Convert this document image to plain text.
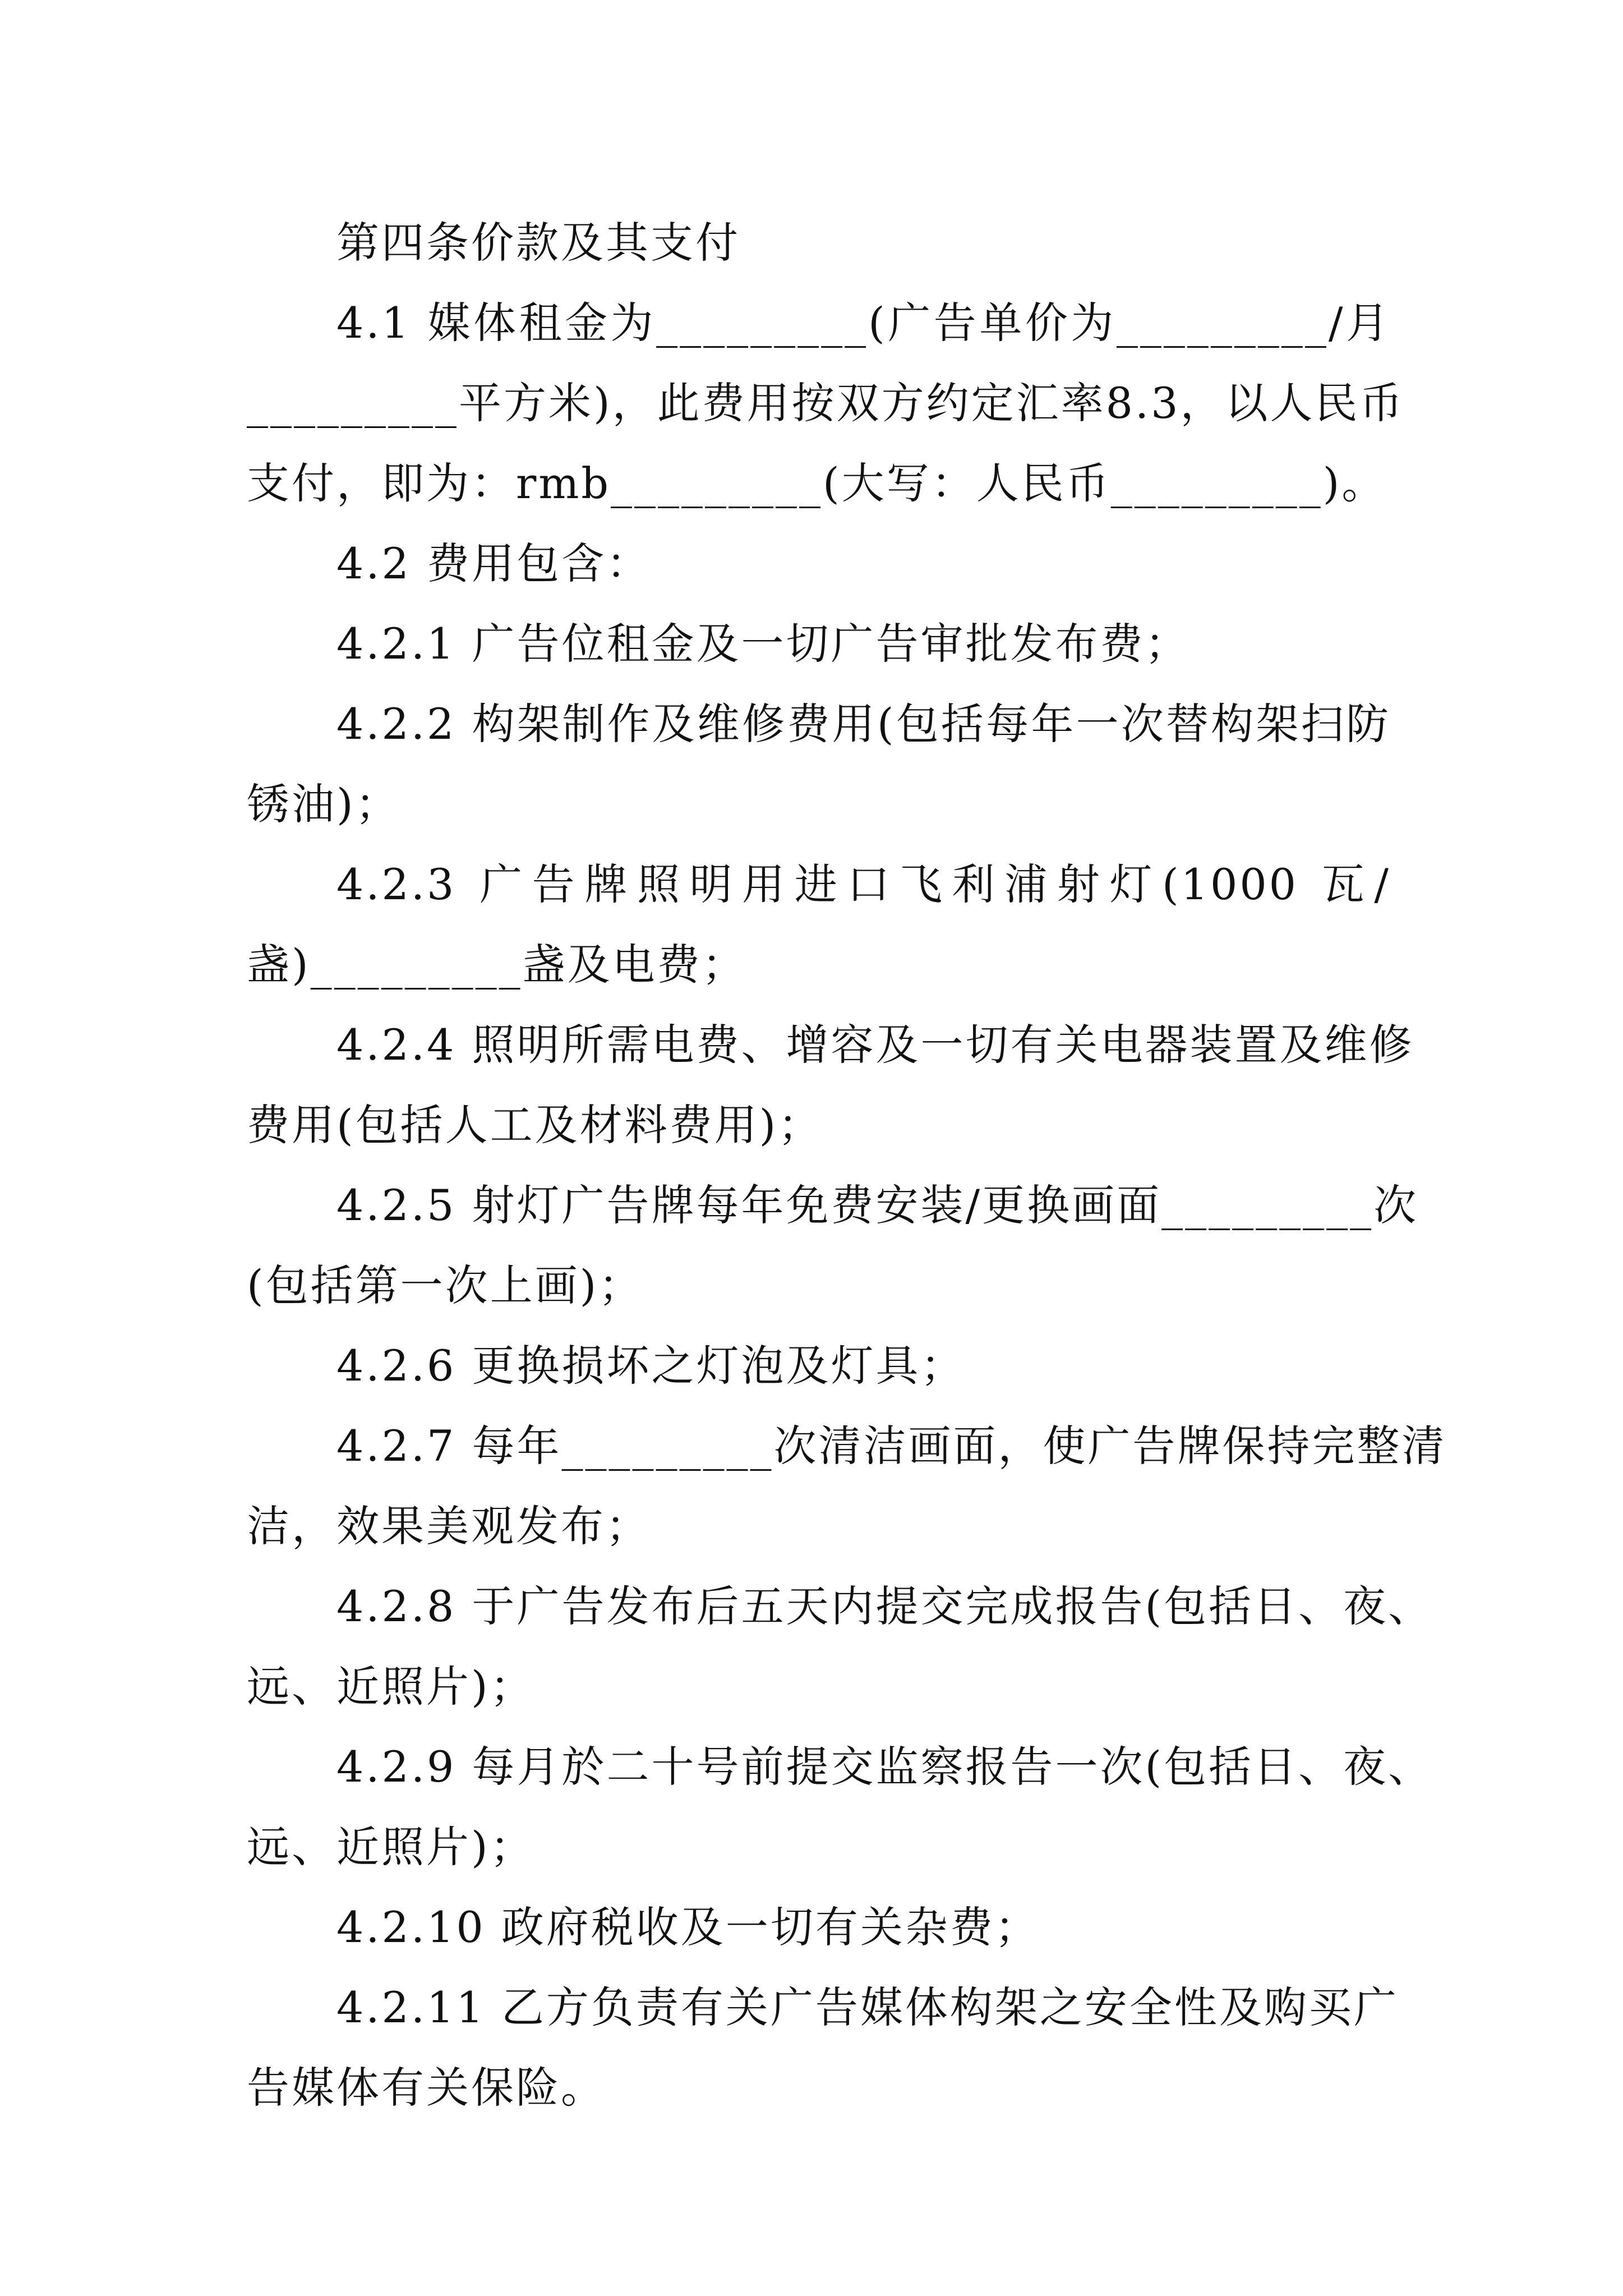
第四条价款及其支付
4.1 媒体租金为_________(广告单价为_________/月
_________平方米)，此费用按双方约定汇率8.3，以人民币
支付，即为：rmb_________(大写：人民币_________)。
4.2 费用包含：
4.2.1 广告位租金及一切广告审批发布费；
4.2.2 构架制作及维修费用(包括每年一次替构架扫防
锈油)；
4.2.3 广告牌照明用进口飞利浦射灯(1000 瓦/
盏)_________盏及电费；
4.2.4 照明所需电费、增容及一切有关电器装置及维修
费用(包括人工及材料费用)；
4.2.5 射灯广告牌每年免费安装/更换画面_________次
(包括第一次上画)；
4.2.6 更换损坏之灯泡及灯具；
4.2.7 每年_________次清洁画面，使广告牌保持完整清
洁，效果美观发布；
4.2.8 于广告发布后五天内提交完成报告(包括日、夜、
远、近照片)；
4.2.9 每月於二十号前提交监察报告一次(包括日、夜、
远、近照片)；
4.2.10 政府税收及一切有关杂费；
4.2.11 乙方负责有关广告媒体构架之安全性及购买广
告媒体有关保险。
